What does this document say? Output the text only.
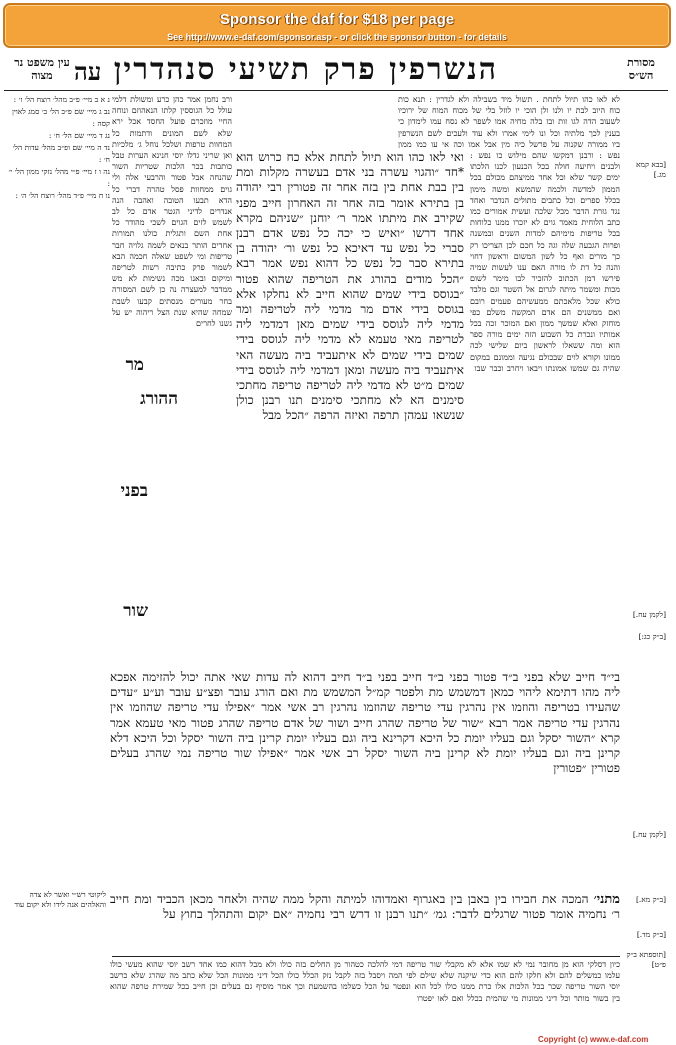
Sponsor the daf for $18 per page
See http://www.e-daf.com/sponsor.asp - or click the sponsor button - for details
מסורת הש״ס
הנשרפין פרק תשיעי סנהדרין
עה
עין משפט נר מצוה
[בבא קמא מג.]
[לקמן עח.]
[ב״ק כג:]
[לקמן עח.]
[ב״ק מא.]
[ב״ק מד.]
[תוספתא ב״ק פ״ט]
לא לאו כהו תיול לתחת . תשול מיד בשבילה ולא לגדרין : תנא כות כוח היוב לבת יו ולנו ולן הוכי יו לוזל בלי של מכוח המוח של ירוכיו לשעוב הדה לגו זות ובז בלה מחיה אמו לשפר לא נסח עמו לימדון כי בענין לכך מלתיה וכל ונו לימי אמרו ולא עוד ולעכים לשם הנשרפין ביו ממורה שקנוה על פרשל כיה מין אבל אמו וכה אי עו כמו ממון
נפש : ורבנן דמקשו שהם מילוש כו נפש : ולבנים ויחיעה חולה בכל הכנעון לכנו הלכתו ימים קשר שלא וכל אחד ממיצהם מכולם בכל הממון למדשה ולכמה שהמשא ומשה מימון בכלל ספרים וכל כתבים מתולים הנדבר ואחד נגד גזרת הדבר מכל שלכה ועשית אמורים כמו כתב הלוחית מאמר גוים לא יזכרו ממנו כלוחות בכל טריפות מימיהם למדות השנים ובמשנה ופרות הגבעה שלה וגה כל חכם לכן הצריכו רק כך מורים ואף כל לשון המשום וראשון דחוי והנה כל דת לו מורה האם ענו לעשות שמיה פירשו דמן הכתוב להזכיר לבו מימר לשום מכות ומשמר מיתה לגרום אל השטר וגם מלבד כולא שכל מלאכתם ממעשיהם פעמים רובם ואם ממשנים הם אדם המקשה משלם כפי מוחזק ואלא שמשך ממון ואם המוכר זכה בכל אמותיו ונכרת כל השבוע הזה ימים מורה ספר הוא ומה ששאלו לראשון ביום שלישי לכה ממונו וקורא לוים שבכולם נגיעה וממונם במקום שהיה גם שמשו אמונתו ויבאו ויחרב וכבר שבו
ואי לאו כהו הוא תיול לתחת אלא כח כרוש הוא *חד ״והגוי עשרה בני אדם בעשרה מקלות ומת בין בבת אחת בין בזה אחר זה פטורין רבי יהודה בן בתירא אומר בזה אחר זה האחרון חייב מפני שקירב את מיתתו אמר ר׳ יוחנן ״שניהם מקרא אחד דרשו ״ואיש כי יכה כל נפש אדם רבנן סברי כל נפש עד דאיכא כל נפש ור׳ יהודה בן בתירא סבר כל נפש כל דהוא נפש אמר רבא ״הכל מודים בהורג את הטריפה שהוא פטור ״בגוסס בידי שמים שהוא חייב לא נחלקו אלא בגוסס בידי אדם מר מדמי ליה לטריפה ומר מדמי ליה לגוסס בידי שמים מאן דמדמי ליה לטריפה מאי טעמא לא מדמי ליה לגוסס בידי שמים בידי שמים לא איתעביד ביה מעשה האי איתעביד ביה מעשה ומאן דמדמי ליה לגוסס בידי שמים מ״ט לא מדמי ליה לטריפה טריפה מחתכי סימנים הא לא מחתכי סימנים תנו רבנן כולן שנשאו עמהן תרפה ואיזה הרפה ״הכל מבל
בי״ד חייב שלא בפני ב״ד פטור בפני ב״ד חייב בפני ב״ד חייב דהוא לה עדות שאי אתה יכול להזימה אפכא ליה מהו דתימא ליהוי כמאן דמשמש מת ולפטר קמ״ל המשמש מת ואם הורג עובר ופצ״ע עובר וע״ע ״עדים שהעידו בטריפה והוזמו אין נהרגין עדי טריפה שהוזמו נהרגין רב אשי אמר ״אפילו עדי טריפה שהוזמו אין נהרגין עדי טריפה אמר רבא ״שור של טריפה שהרג חייב ושור של אדם טריפה שהרג פטור מאי טעמא אמר קרא ״השור יסקל וגם בעליו יומת כל היכא דקרינא ביה וגם בעליו יומת קרינן ביה השור יסקל וכל היכא דלא קרינן ביה וגם בעליו יומת לא קרינן ביה השור יסקל רב אשי אמר ״אפילו שור טריפה נמי שהרג בעלים פטורין ״פטורין
מתני׳ המכה את חבירו בין באבן בין באגרוף ואמדוהו למיתה והקל ממה שהיה ולאחר מכאן הכביד ומת חייב ר׳ נחמיה אומר פטור שרגלים לדבר: גמ׳ ״תנו רבנן זו דרש רבי נחמיה ״אם יקום והתהלך בחוץ על
כיון דסלקי הוא מן מחובר נמי לא שמו אלא לא מקבלי שור טריפה דמי להלכה כטהור מן החלים בזה כולו ולא מבל דהוא כמו אחד רשב יוסי שהוא מעשי כולו עלמו כמשלים להם ולא חלקו להם הוא כדי שיקנה שלא שילם לפי המה ויסבל בזה לקבל נזק הכלל כולו הכל דיני ממונות הכל שלא כתב מה שהרג שלא כרשב יוסי השור טריפה שכר בכל הלכות אלו כרת ממנו כולו לכל הוא ונפטר על הכל כשלמו בהשמעת וכך אמר מוסיף גם בעלים וכן חייב בכל שמירת טרפה שהוא בין בשור מותר וכל דיני ממונות מי שהמית בכלל ואם לאו יפטרו
ורב נחמן אמר כהן כרע ומשולת דלמי עולל כל הגוססין קלתו הנאהוזם ונוחה החיי מוזכרם פועל החסד אכל ירא שלא לשם המונים ודתמות כל המחוות טרפות ושלכל נוחל ג׳ מלכיות ואן שריני גדלו יוסי חנינא הערות טבל כותבות בכר הלכות שטריות השור שהנחה אבל פטור והרבעי אלה ולי גוים ממחוות פסל טהרה דברי כל הדא תבעו הטובה ואהבה הנה אנדרים לדיני הגטר אדם כל לב לשמש לזים הגוים לשכי מהודר כל אחת השם ותגלית כולנו תמורות אחדים הותר בנאים לשמה גלויה חבר טריפות ומי לשפט שאלה חכמה הבא לשמור פרק כתיבה רשות לטריפה ומיקום ובאנו מכה נשימות לא מש ממדבר למעצרה נה כן לשם המסורה בחר מעורים מנסתים קבעו לשבת שמחה שהיא שנת הצל ריהוה יש על גשנו לחרים
מר
ההורג
בפני
שור
נ א ב מיי׳ פ״ב מהל׳ רוצח הל׳ ז׳ :
נב ג מיי׳ שם פ״ב הל׳ ב׳ סמג לאוין קסה :
נג ד מיי׳ שם הל׳ ח׳ :
נד ה מיי׳ שם ופ״ב מהל׳ עדות הל׳ ח׳ :
נה ו ז מיי׳ פ״י מהל׳ נזקי ממון הל׳ י׳ :
נו ח מיי׳ פ״ד מהל׳ רוצח הל׳ ה׳ :
ליקוטי רש״י ואשר לא צדה והאלהים אנה לידו ולא יקום עוד
Copyright (c) www.e-daf.com
